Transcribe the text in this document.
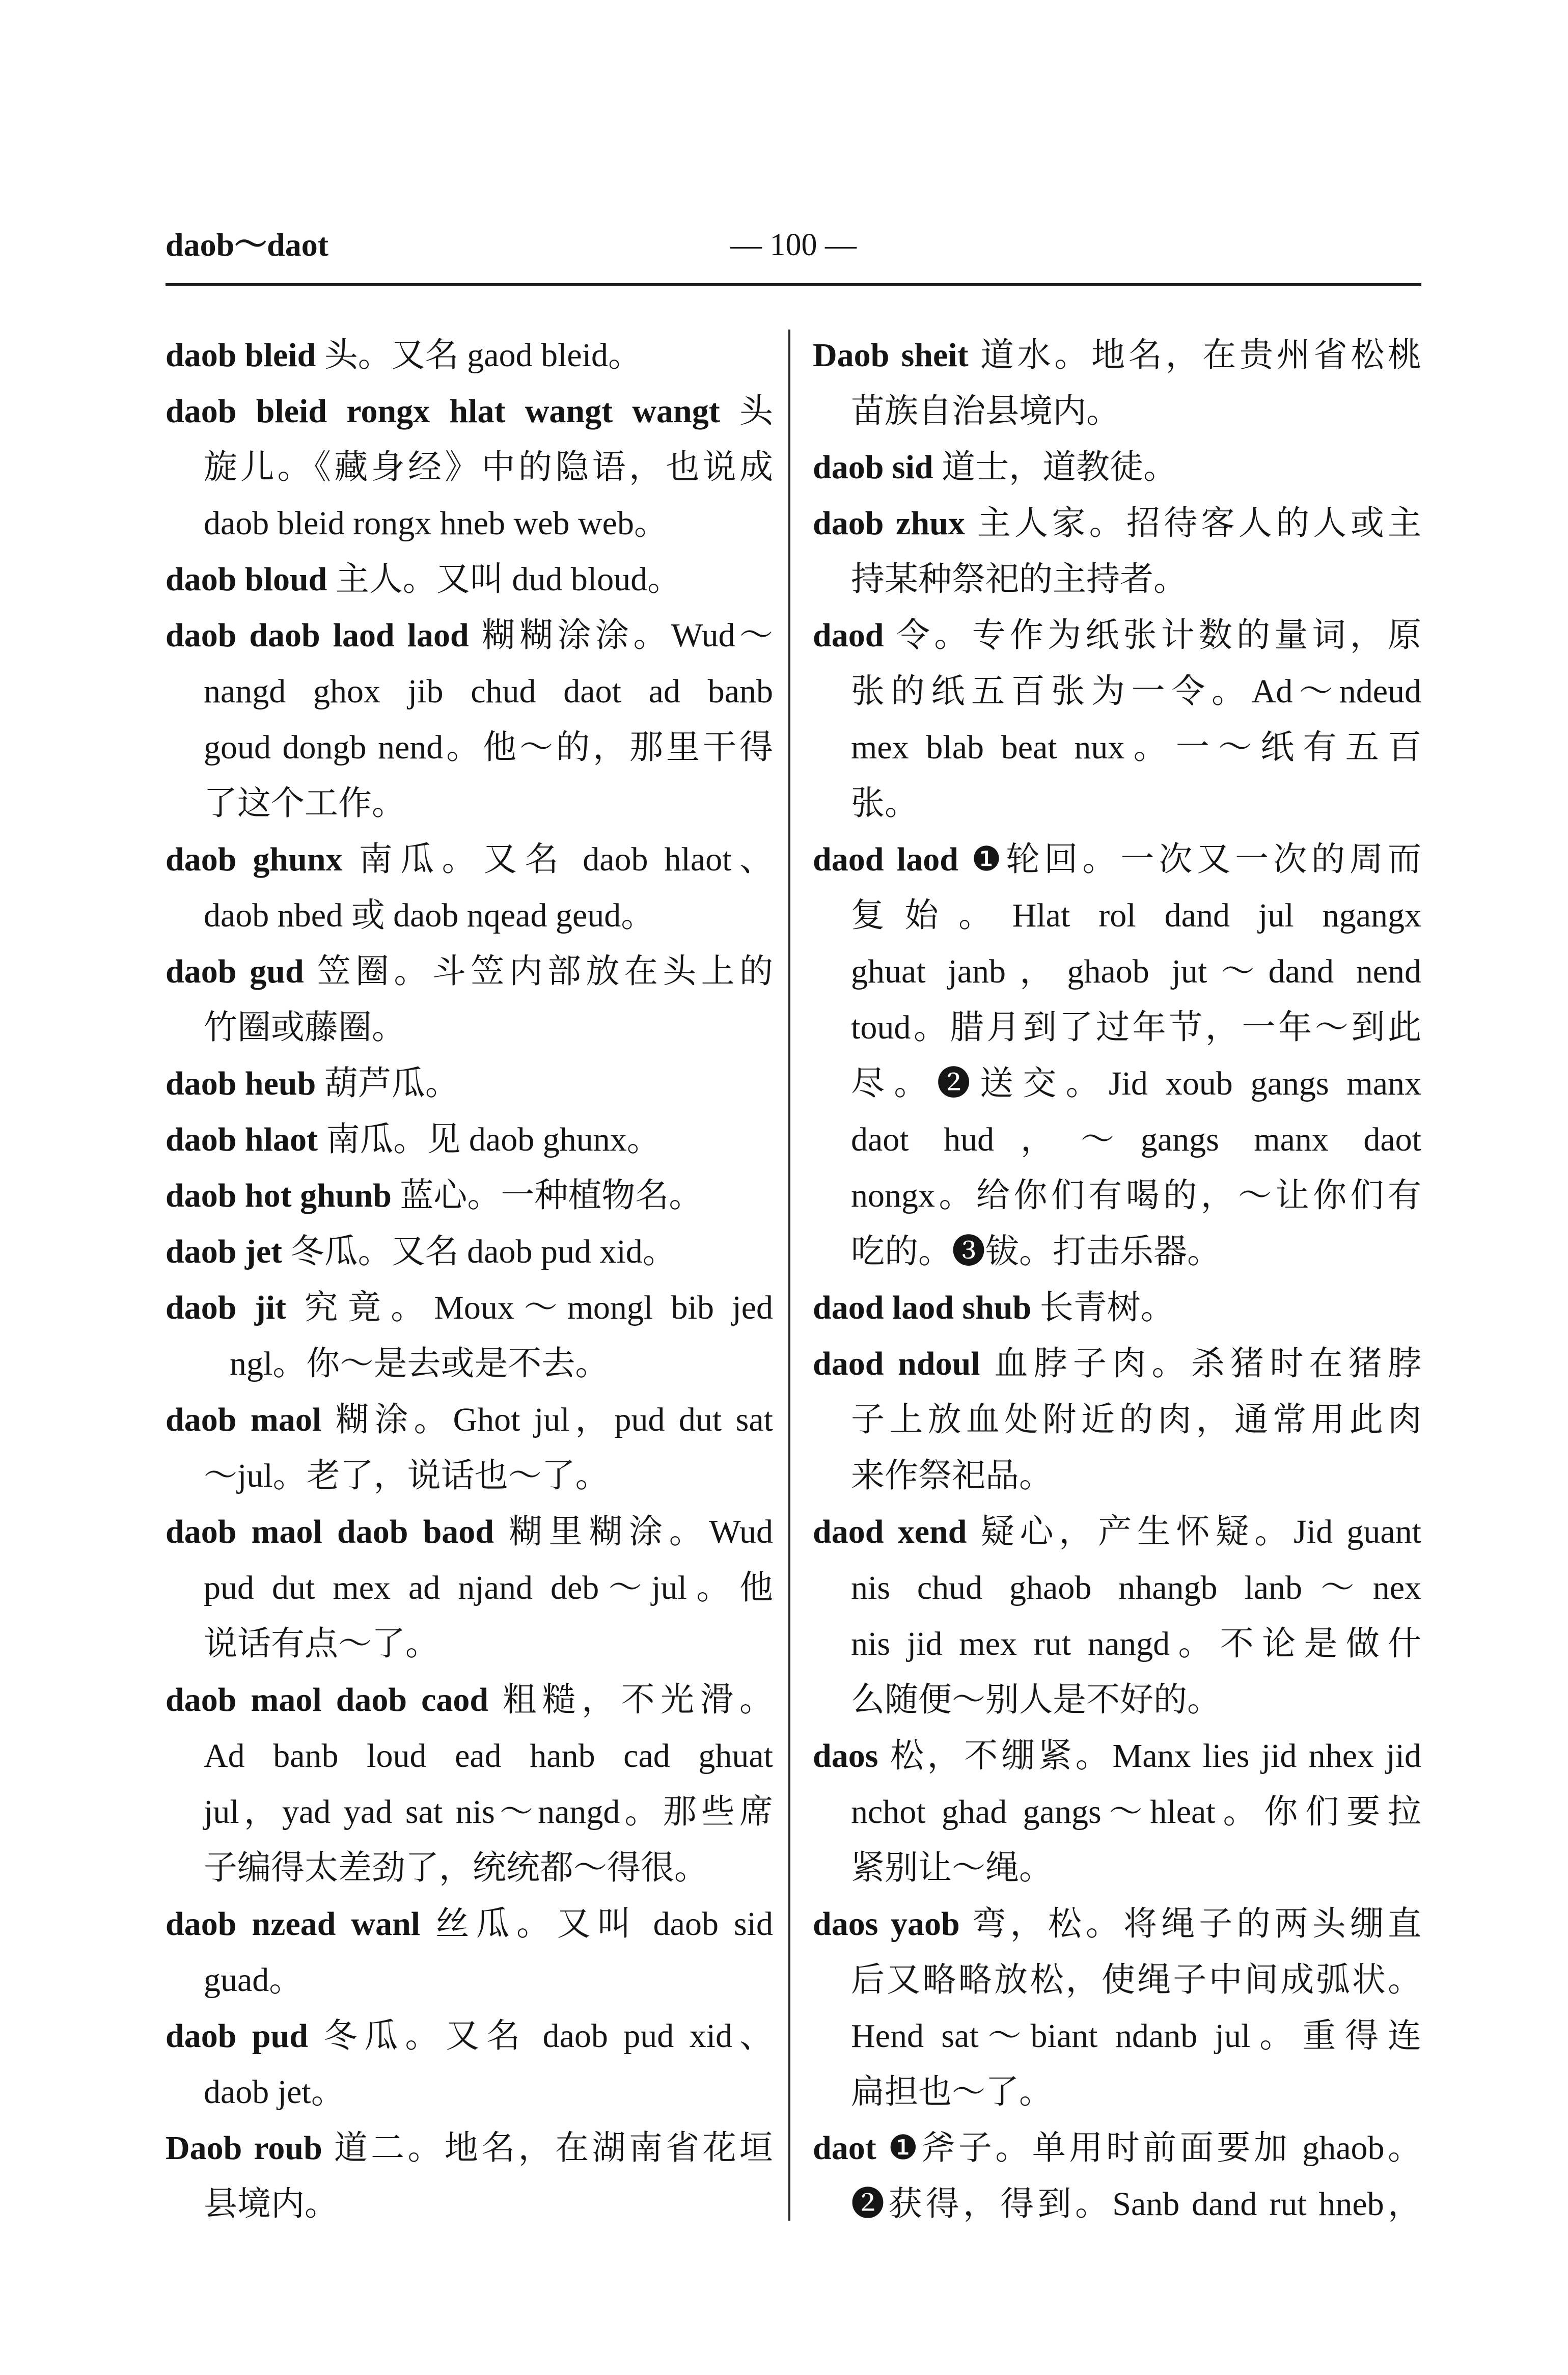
daob～daot	— 100 —
daob bleid 头。又名 gaod bleid。
daob bleid rongx hlat wangt wangt 头
旋儿。《藏身经》中的隐语，也说成
daob bleid rongx hneb web web。
daob bloud 主人。又叫 dud bloud。
daob daob laod laod 糊糊涂涂。Wud～
nangd ghox jib chud daot ad banb
goud dongb nend。他～的，那里干得
了这个工作。
daob ghunx 南瓜。又名 daob hlaot、
daob nbed 或 daob nqead geud。
daob gud 笠圈。斗笠内部放在头上的
竹圈或藤圈。
daob heub 葫芦瓜。
daob hlaot 南瓜。见 daob ghunx。
daob hot ghunb 蓝心。一种植物名。
daob jet 冬瓜。又名 daob pud xid。
daob jit 究竟。Moux～mongl bib jed
ngl。你～是去或是不去。
daob maol 糊涂。Ghot jul，pud dut sat
～jul。老了，说话也～了。
daob maol daob baod 糊里糊涂。Wud
pud dut mex ad njand deb～jul。他
说话有点～了。
daob maol daob caod 粗糙，不光滑。
Ad banb loud ead hanb cad ghuat
jul，yad yad sat nis～nangd。那些席
子编得太差劲了，统统都～得很。
daob nzead wanl 丝瓜。又叫 daob sid
guad。
daob pud 冬瓜。又名 daob pud xid、
daob jet。
Daob roub 道二。地名，在湖南省花垣
县境内。
Daob sheit 道水。地名，在贵州省松桃
苗族自治县境内。
daob sid 道士，道教徒。
daob zhux 主人家。招待客人的人或主
持某种祭祀的主持者。
daod 令。专作为纸张计数的量词，原
张的纸五百张为一令。Ad～ndeud
mex blab beat nux。一～纸有五百
张。
daod laod ❶轮回。一次又一次的周而
复始。Hlat rol dand jul ngangx
ghuat janb，ghaob jut～dand nend
toud。腊月到了过年节，一年～到此
尽。❷送交。Jid xoub gangs manx
daot hud，～gangs manx daot
nongx。给你们有喝的，～让你们有
吃的。❸钹。打击乐器。
daod laod shub 长青树。
daod ndoul 血脖子肉。杀猪时在猪脖
子上放血处附近的肉，通常用此肉
来作祭祀品。
daod xend 疑心，产生怀疑。Jid guant
nis chud ghaob nhangb lanb～nex
nis jid mex rut nangd。不论是做什
么随便～别人是不好的。
daos 松，不绷紧。Manx lies jid nhex jid
nchot ghad gangs～hleat。你们要拉
紧别让～绳。
daos yaob 弯，松。将绳子的两头绷直
后又略略放松，使绳子中间成弧状。
Hend sat～biant ndanb jul。重得连
扁担也～了。
daot ❶斧子。单用时前面要加 ghaob。
❷获得，得到。Sanb dand rut hneb，
